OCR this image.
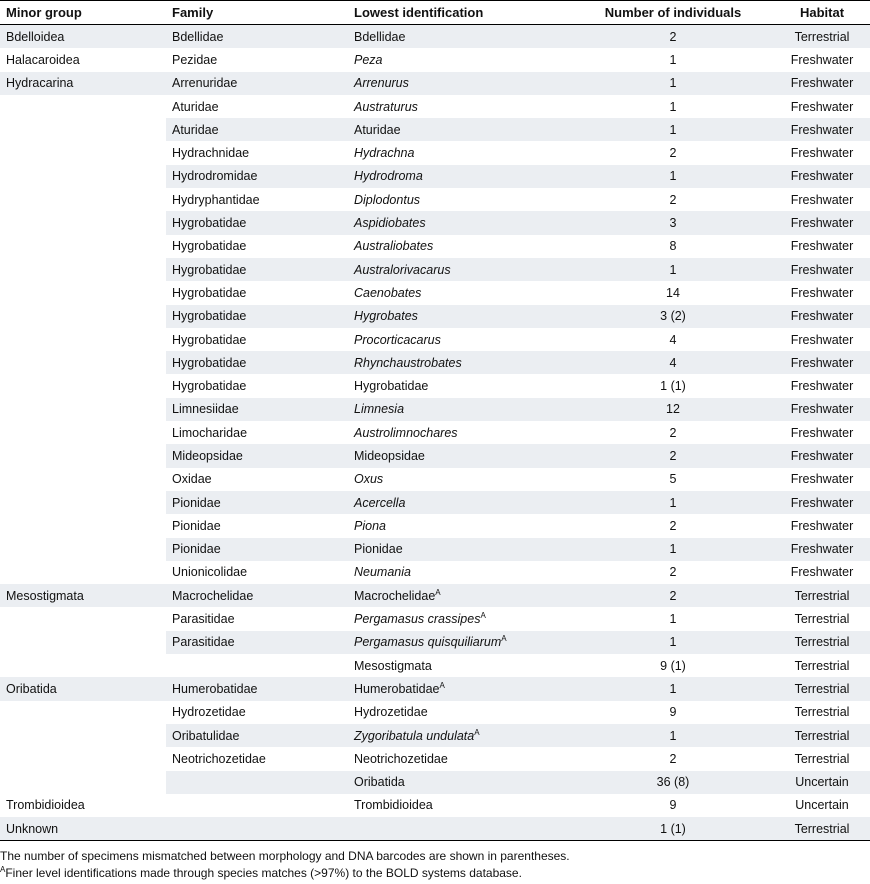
Minor group	Family	Lowest identification	Number of individuals	Habitat
Bdelloidea	Bdellidae	Bdellidae	2	Terrestrial
Halacaroidea	Pezidae	Peza	1	Freshwater
Hydracarina	Arrenuridae	Arrenurus	1	Freshwater
	Aturidae	Austraturus	1	Freshwater
	Aturidae	Aturidae	1	Freshwater
	Hydrachnidae	Hydrachna	2	Freshwater
	Hydrodromidae	Hydrodroma	1	Freshwater
	Hydryphantidae	Diplodontus	2	Freshwater
	Hygrobatidae	Aspidiobates	3	Freshwater
	Hygrobatidae	Australiobates	8	Freshwater
	Hygrobatidae	Australorivacarus	1	Freshwater
	Hygrobatidae	Caenobates	14	Freshwater
	Hygrobatidae	Hygrobates	3 (2)	Freshwater
	Hygrobatidae	Procorticacarus	4	Freshwater
	Hygrobatidae	Rhynchaustrobates	4	Freshwater
	Hygrobatidae	Hygrobatidae	1 (1)	Freshwater
	Limnesiidae	Limnesia	12	Freshwater
	Limocharidae	Austrolimnochares	2	Freshwater
	Mideopsidae	Mideopsidae	2	Freshwater
	Oxidae	Oxus	5	Freshwater
	Pionidae	Acercella	1	Freshwater
	Pionidae	Piona	2	Freshwater
	Pionidae	Pionidae	1	Freshwater
	Unionicolidae	Neumania	2	Freshwater
Mesostigmata	Macrochelidae	Macrochelidae$^A$	2	Terrestrial
	Parasitidae	Pergamasus crassipes$^A$	1	Terrestrial
	Parasitidae	Pergamasus quisquiliarum$^A$	1	Terrestrial
		Mesostigmata	9 (1)	Terrestrial
Oribatida	Humerobatidae	Humerobatidae$^A$	1	Terrestrial
	Hydrozetidae	Hydrozetidae	9	Terrestrial
	Oribatulidae	Zygoribatula undulata$^A$	1	Terrestrial
	Neotrichozetidae	Neotrichozetidae	2	Terrestrial
		Oribatida	36 (8)	Uncertain
Trombidioidea		Trombidioidea	9	Uncertain
Unknown			1 (1)	Terrestrial
The number of specimens mismatched between morphology and DNA barcodes are shown in parentheses.
$^A$Finer level identifications made through species matches (>97%) to the BOLD systems database.
